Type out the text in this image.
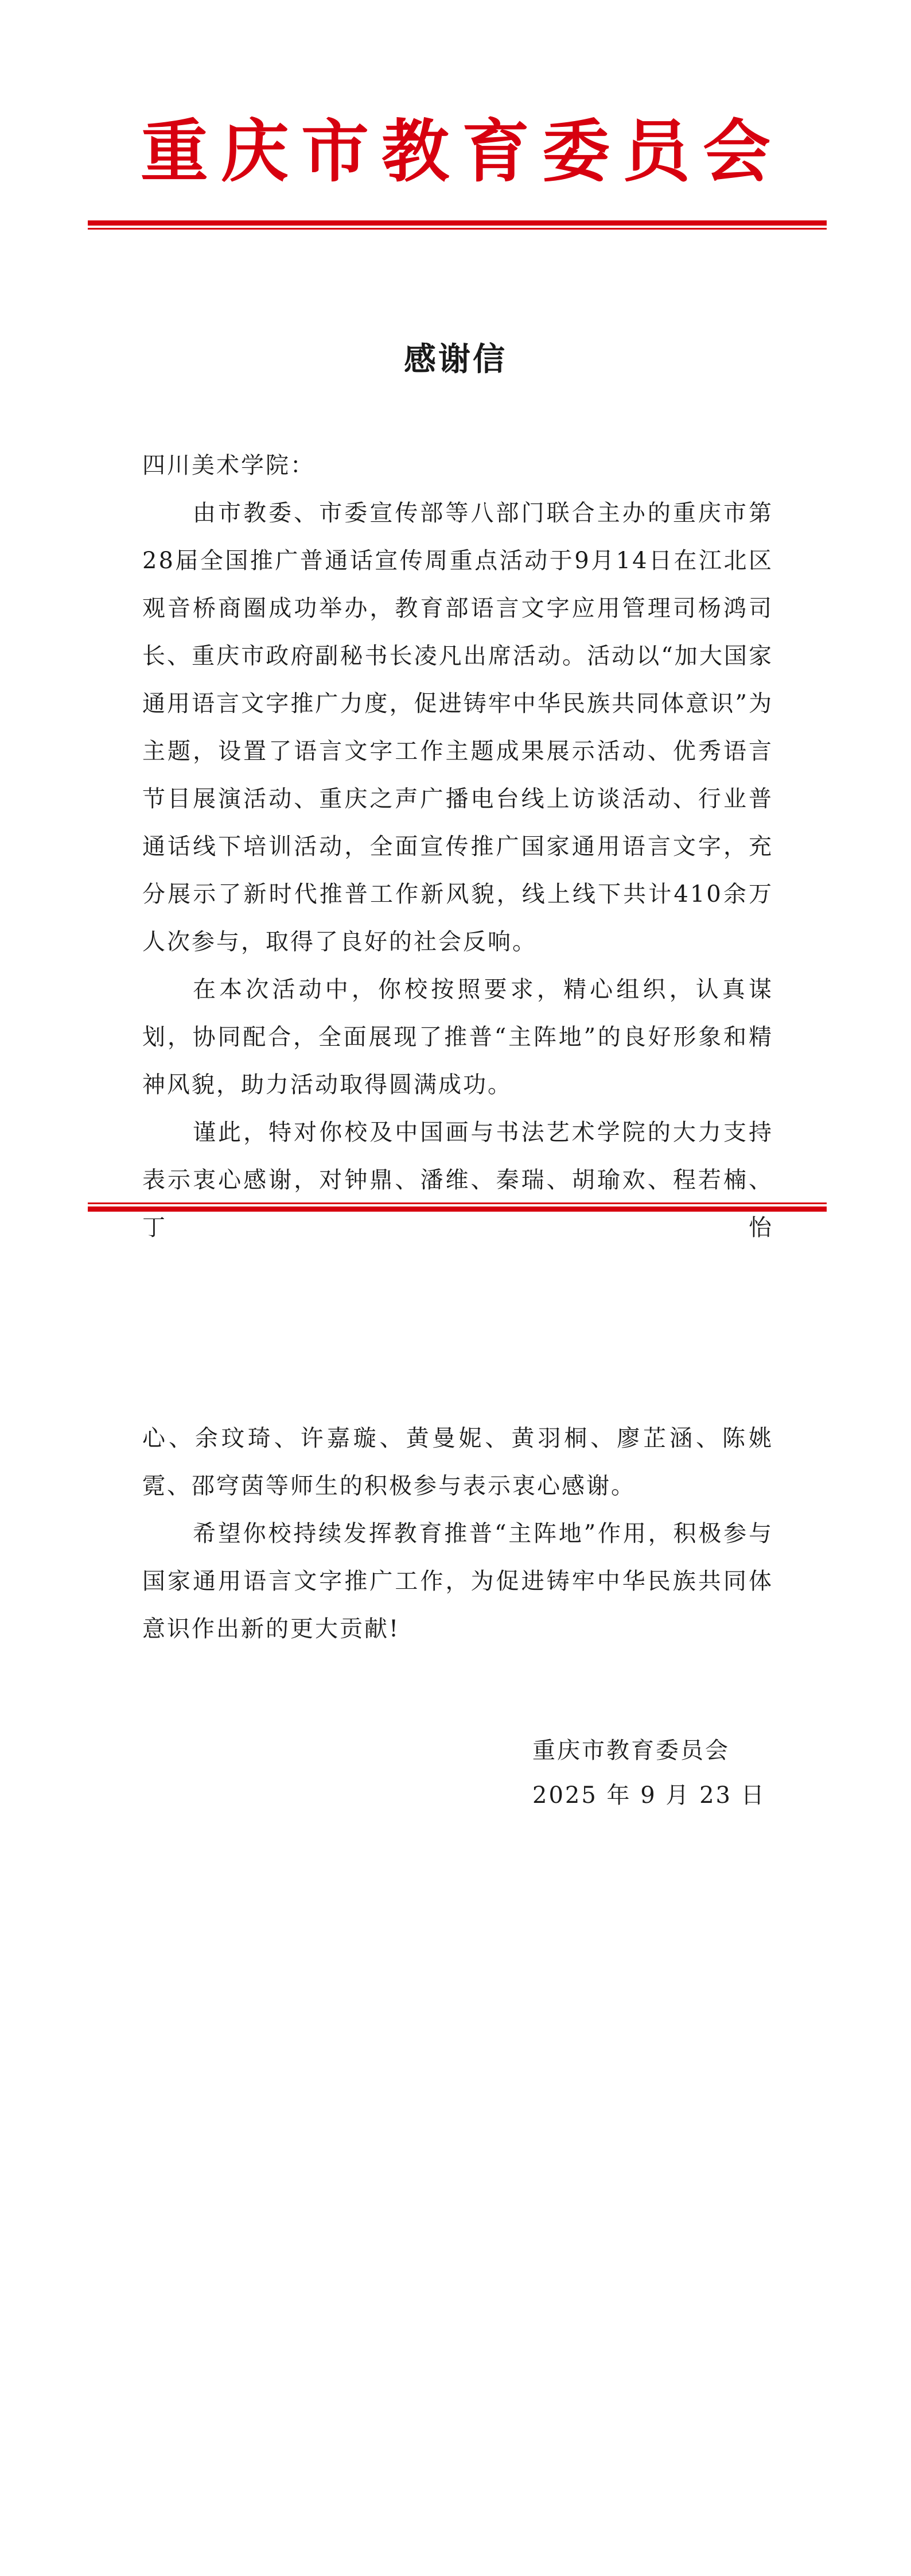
重庆市教育委员会
感谢信

四川美术学院：

由市教委、市委宣传部等八部门联合主办的重庆市第28届全国推广普通话宣传周重点活动于9月14日在江北区观音桥商圈成功举办，教育部语言文字应用管理司杨鸿司长、重庆市政府副秘书长凌凡出席活动。活动以“加大国家通用语言文字推广力度，促进铸牢中华民族共同体意识”为主题，设置了语言文字工作主题成果展示活动、优秀语言节目展演活动、重庆之声广播电台线上访谈活动、行业普通话线下培训活动，全面宣传推广国家通用语言文字，充分展示了新时代推普工作新风貌，线上线下共计410余万人次参与，取得了良好的社会反响。

在本次活动中，你校按照要求，精心组织，认真谋划，协同配合，全面展现了推普“主阵地”的良好形象和精神风貌，助力活动取得圆满成功。

谨此，特对你校及中国画与书法艺术学院的大力支持表示衷心感谢，对钟鼎、潘维、秦瑞、胡瑜欢、程若楠、丁怡

心、余玟琦、许嘉璇、黄曼妮、黄羽桐、廖芷涵、陈姚霓、邵穹茵等师生的积极参与表示衷心感谢。

希望你校持续发挥教育推普“主阵地”作用，积极参与国家通用语言文字推广工作，为促进铸牢中华民族共同体意识作出新的更大贡献!

重庆市教育委员会

2025 年 9 月 23 日
